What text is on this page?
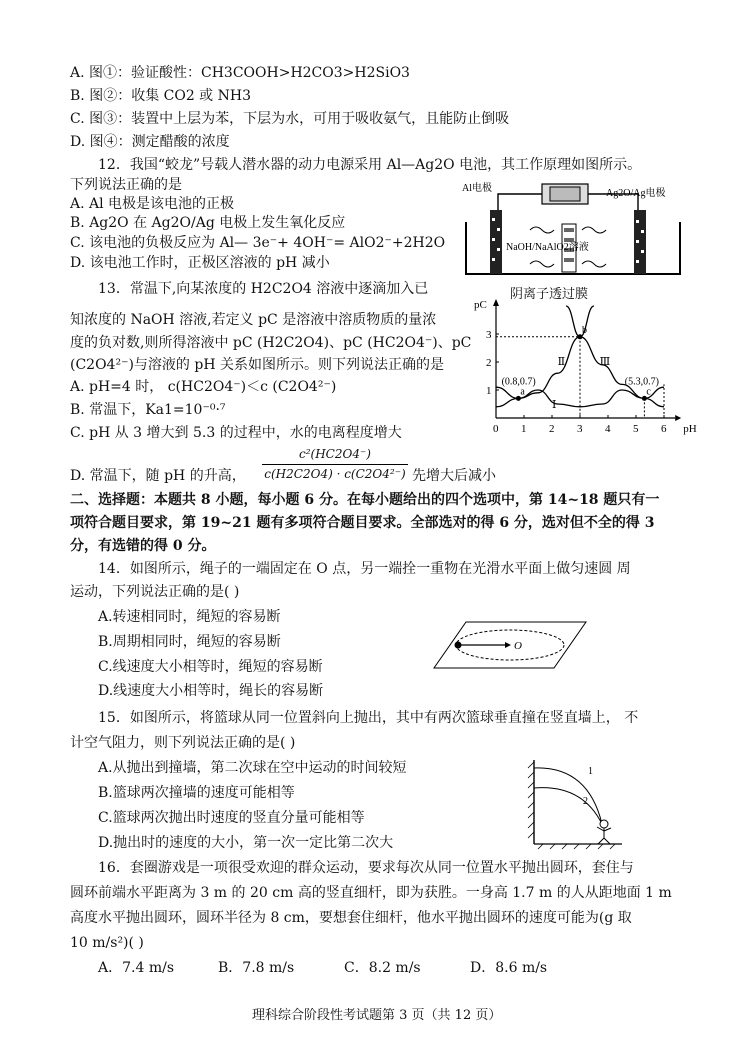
A. 图①：验证酸性：CH3COOH>H2CO3>H2SiO3
B. 图②：收集 CO2 或 NH3
C. 图③：装置中上层为苯，下层为水，可用于吸收氨气，且能防止倒吸
D. 图④：测定醋酸的浓度
12．我国“蛟龙”号载人潜水器的动力电源采用 Al—Ag2O 电池，其工作原理如图所示。
下列说法正确的是
A. Al 电极是该电池的正极
B. Ag2O 在 Ag2O/Ag 电极上发生氧化反应
C. 该电池的负极反应为 Al— 3e⁻+ 4OH⁻= AlO2⁻+2H2O
D. 该电池工作时，正极区溶液的 pH 减小
Al电极	Ag2O/Ag电极
NaOH/NaAlO2溶液
阴离子透过膜
13．常温下,向某浓度的 H2C2O4 溶液中逐滴加入已
知浓度的 NaOH 溶液,若定义 pC 是溶液中溶质物质的量浓
度的负对数,则所得溶液中 pC (H2C2O4)、pC (HC2O4⁻)、pC
(C2O4²⁻)与溶液的 pH 关系如图所示。则下列说法正确的是
A. pH=4 时， c(HC2O4⁻)＜c (C2O4²⁻)
B. 常温下，Ka1=10⁻⁰·⁷
C. pH 从 3 增大到 5.3 的过程中，水的电离程度增大
D. 常温下，随 pH 的升高，
c²(HC2O4⁻)
c(H2C2O4) · c(C2O4²⁻) 先增大后减小
pC
pH
0 1 2 3 4 5 6
1
2
3
Ⅰ
Ⅱ	Ⅲ
a
b
c
(0.8,0.7)	(5.3,0.7)
二、选择题：本题共 8 小题，每小题 6 分。在每小题给出的四个选项中，第 14~18 题只有一
项符合题目要求，第 19~21 题有多项符合题目要求。全部选对的得 6 分，选对但不全的得 3
分，有选错的得 0 分。
14．如图所示，绳子的一端固定在 O 点，另一端拴一重物在光滑水平面上做匀速圆 周
运动，下列说法正确的是( )
A.转速相同时，绳短的容易断
B.周期相同时，绳短的容易断
C.线速度大小相等时，绳短的容易断
D.线速度大小相等时，绳长的容易断
O
15．如图所示，将篮球从同一位置斜向上抛出，其中有两次篮球垂直撞在竖直墙上， 不
计空气阻力，则下列说法正确的是( )
A.从抛出到撞墙，第二次球在空中运动的时间较短
B.篮球两次撞墙的速度可能相等
C.篮球两次抛出时速度的竖直分量可能相等
D.抛出时的速度的大小，第一次一定比第二次大
1
2
16．套圈游戏是一项很受欢迎的群众运动，要求每次从同一位置水平抛出圆环，套住与
圆环前端水平距离为 3 m 的 20 cm 高的竖直细杆，即为获胜。一身高 1.7 m 的人从距地面 1 m
高度水平抛出圆环，圆环半径为 8 cm，要想套住细杆，他水平抛出圆环的速度可能为(g 取
10 m/s²)( )
A．7.4 m/s	B．7.8 m/s	C．8.2 m/s	D．8.6 m/s
理科综合阶段性考试题第 3 页（共 12 页）
